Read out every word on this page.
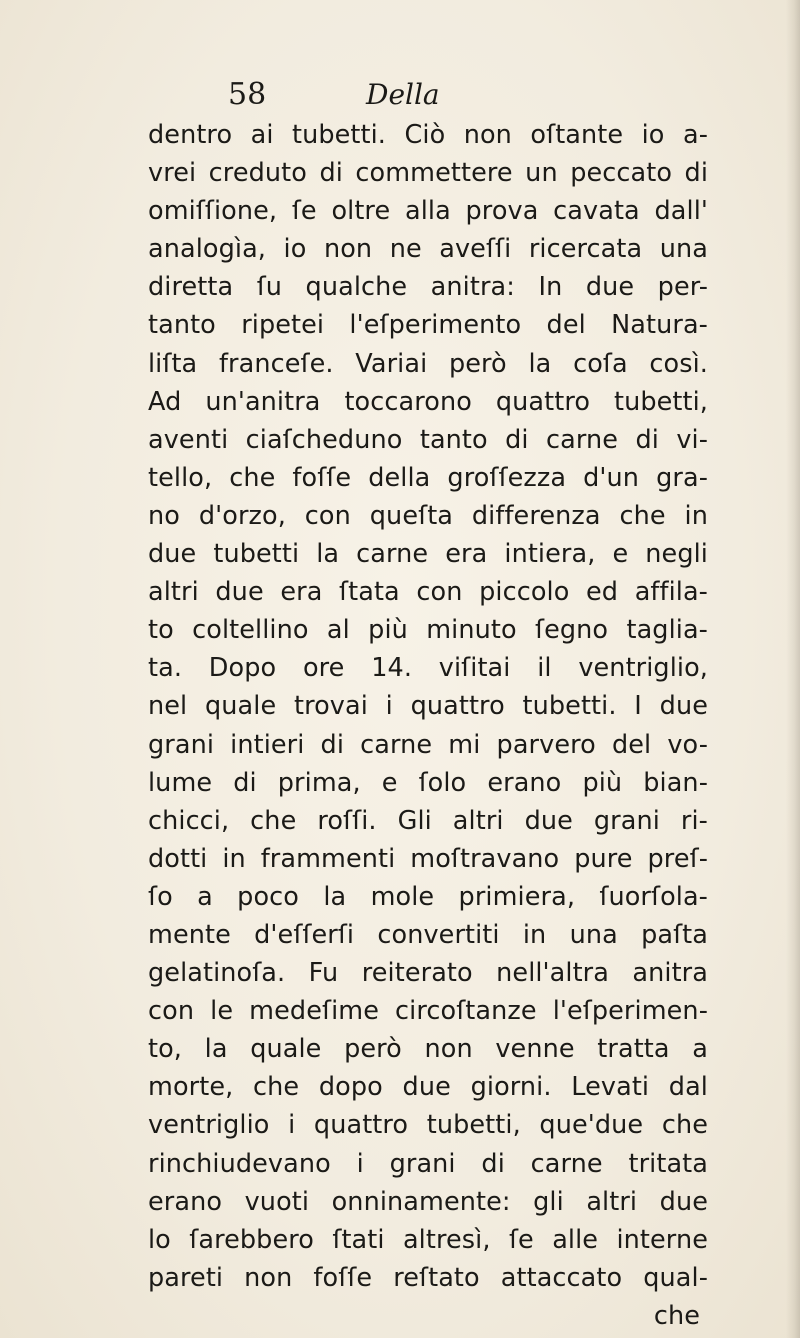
58	Della
dentro ai tubetti. Ciò non oſtante io a-
vrei creduto di commettere un peccato di
omiſſione, ſe oltre alla prova cavata dall'
analogìa, io non ne aveſſi ricercata una
diretta ſu qualche anitra: In due per-
tanto ripetei l'eſperimento del Natura-
liſta franceſe. Variai però la coſa così.
Ad un'anitra toccarono quattro tubetti,
aventi ciaſcheduno tanto di carne di vi-
tello, che foſſe della groſſezza d'un gra-
no d'orzo, con queſta differenza che in
due tubetti la carne era intiera, e negli
altri due era ſtata con piccolo ed affila-
to coltellino al più minuto ſegno taglia-
ta. Dopo ore 14. viſitai il ventriglio,
nel quale trovai i quattro tubetti. I due
grani intieri di carne mi parvero del vo-
lume di prima, e ſolo erano più bian-
chicci, che roſſi. Gli altri due grani ri-
dotti in frammenti moſtravano pure preſ-
ſo a poco la mole primiera, ſuorſola-
mente d'eſſerſi convertiti in una paſta
gelatinoſa. Fu reiterato nell'altra anitra
con le medeſime circoſtanze l'eſperimen-
to, la quale però non venne tratta a
morte, che dopo due giorni. Levati dal
ventriglio i quattro tubetti, que'due che
rinchiudevano i grani di carne tritata
erano vuoti onninamente: gli altri due
lo ſarebbero ſtati altresì, ſe alle interne
pareti non foſſe reſtato attaccato qual-
che
